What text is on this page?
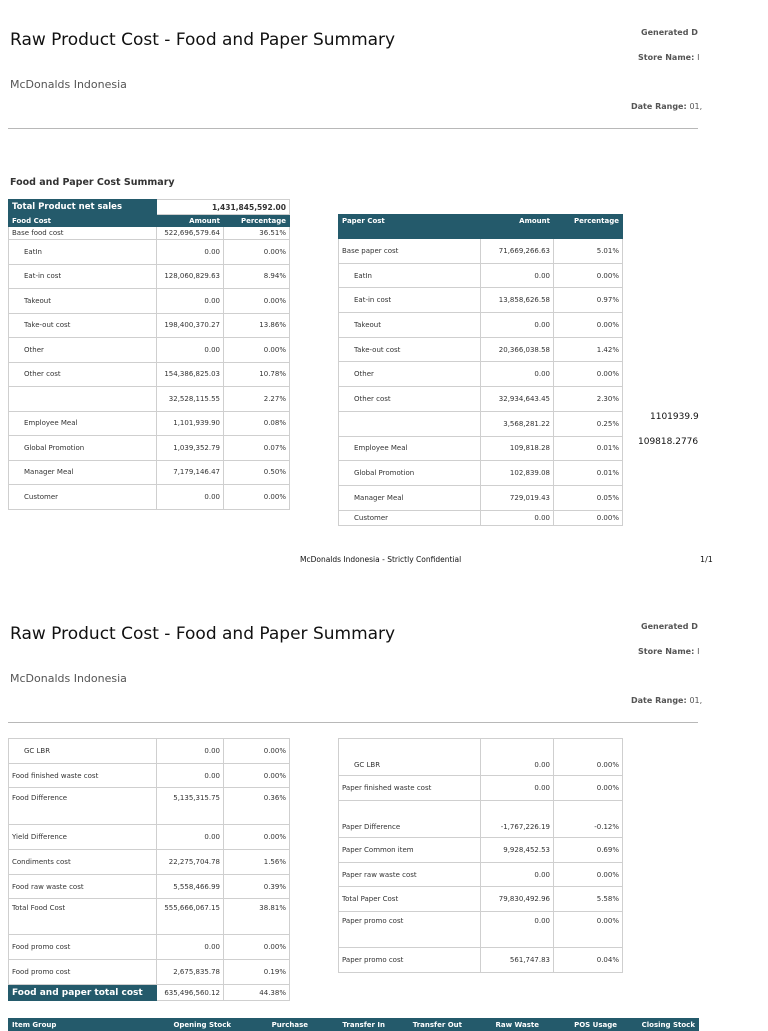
Raw Product Cost - Food and Paper Summary
McDonalds Indonesia
Generated D
Store Name: I
Date Range: 01,
Food and Paper Cost Summary
Total Product net sales	1,431,845,592.00	
Food Cost	Amount	Percentage
Base food cost	522,696,579.64	36.51%
EatIn	0.00	0.00%
Eat-in cost	128,060,829.63	8.94%
Takeout	0.00	0.00%
Take-out cost	198,400,370.27	13.86%
Other	0.00	0.00%
Other cost	154,386,825.03	10.78%
	32,528,115.55	2.27%
Employee Meal	1,101,939.90	0.08%
Global Promotion	1,039,352.79	0.07%
Manager Meal	7,179,146.47	0.50%
Customer	0.00	0.00%
Paper Cost	Amount	Percentage
Base paper cost	71,669,266.63	5.01%
EatIn	0.00	0.00%
Eat-in cost	13,858,626.58	0.97%
Takeout	0.00	0.00%
Take-out cost	20,366,038.58	1.42%
Other	0.00	0.00%
Other cost	32,934,643.45	2.30%
	3,568,281.22	0.25%
Employee Meal	109,818.28	0.01%
Global Promotion	102,839.08	0.01%
Manager Meal	729,019.43	0.05%
Customer	0.00	0.00%
1101939.9
109818.2776
McDonalds Indonesia - Strictly Confidential	1/1
Raw Product Cost - Food and Paper Summary
McDonalds Indonesia
Generated D
Store Name: I
Date Range: 01,
GC LBR	0.00	0.00%
Food finished waste cost	0.00	0.00%
Food Difference	5,135,315.75	0.36%
Yield Difference	0.00	0.00%
Condiments cost	22,275,704.78	1.56%
Food raw waste cost	5,558,466.99	0.39%
Total Food Cost	555,666,067.15	38.81%
Food promo cost	0.00	0.00%
Food promo cost	2,675,835.78	0.19%
Food and paper total cost	635,496,560.12	44.38%
GC LBR	0.00	0.00%
Paper finished waste cost	0.00	0.00%
Paper Difference	-1,767,226.19	-0.12%
Paper Common item	9,928,452.53	0.69%
Paper raw waste cost	0.00	0.00%
Total Paper Cost	79,830,492.96	5.58%
Paper promo cost	0.00	0.00%
Paper promo cost	561,747.83	0.04%
Item Group	Opening Stock	Purchase	Transfer In	Transfer Out	Raw Waste	POS Usage	Closing Stock
